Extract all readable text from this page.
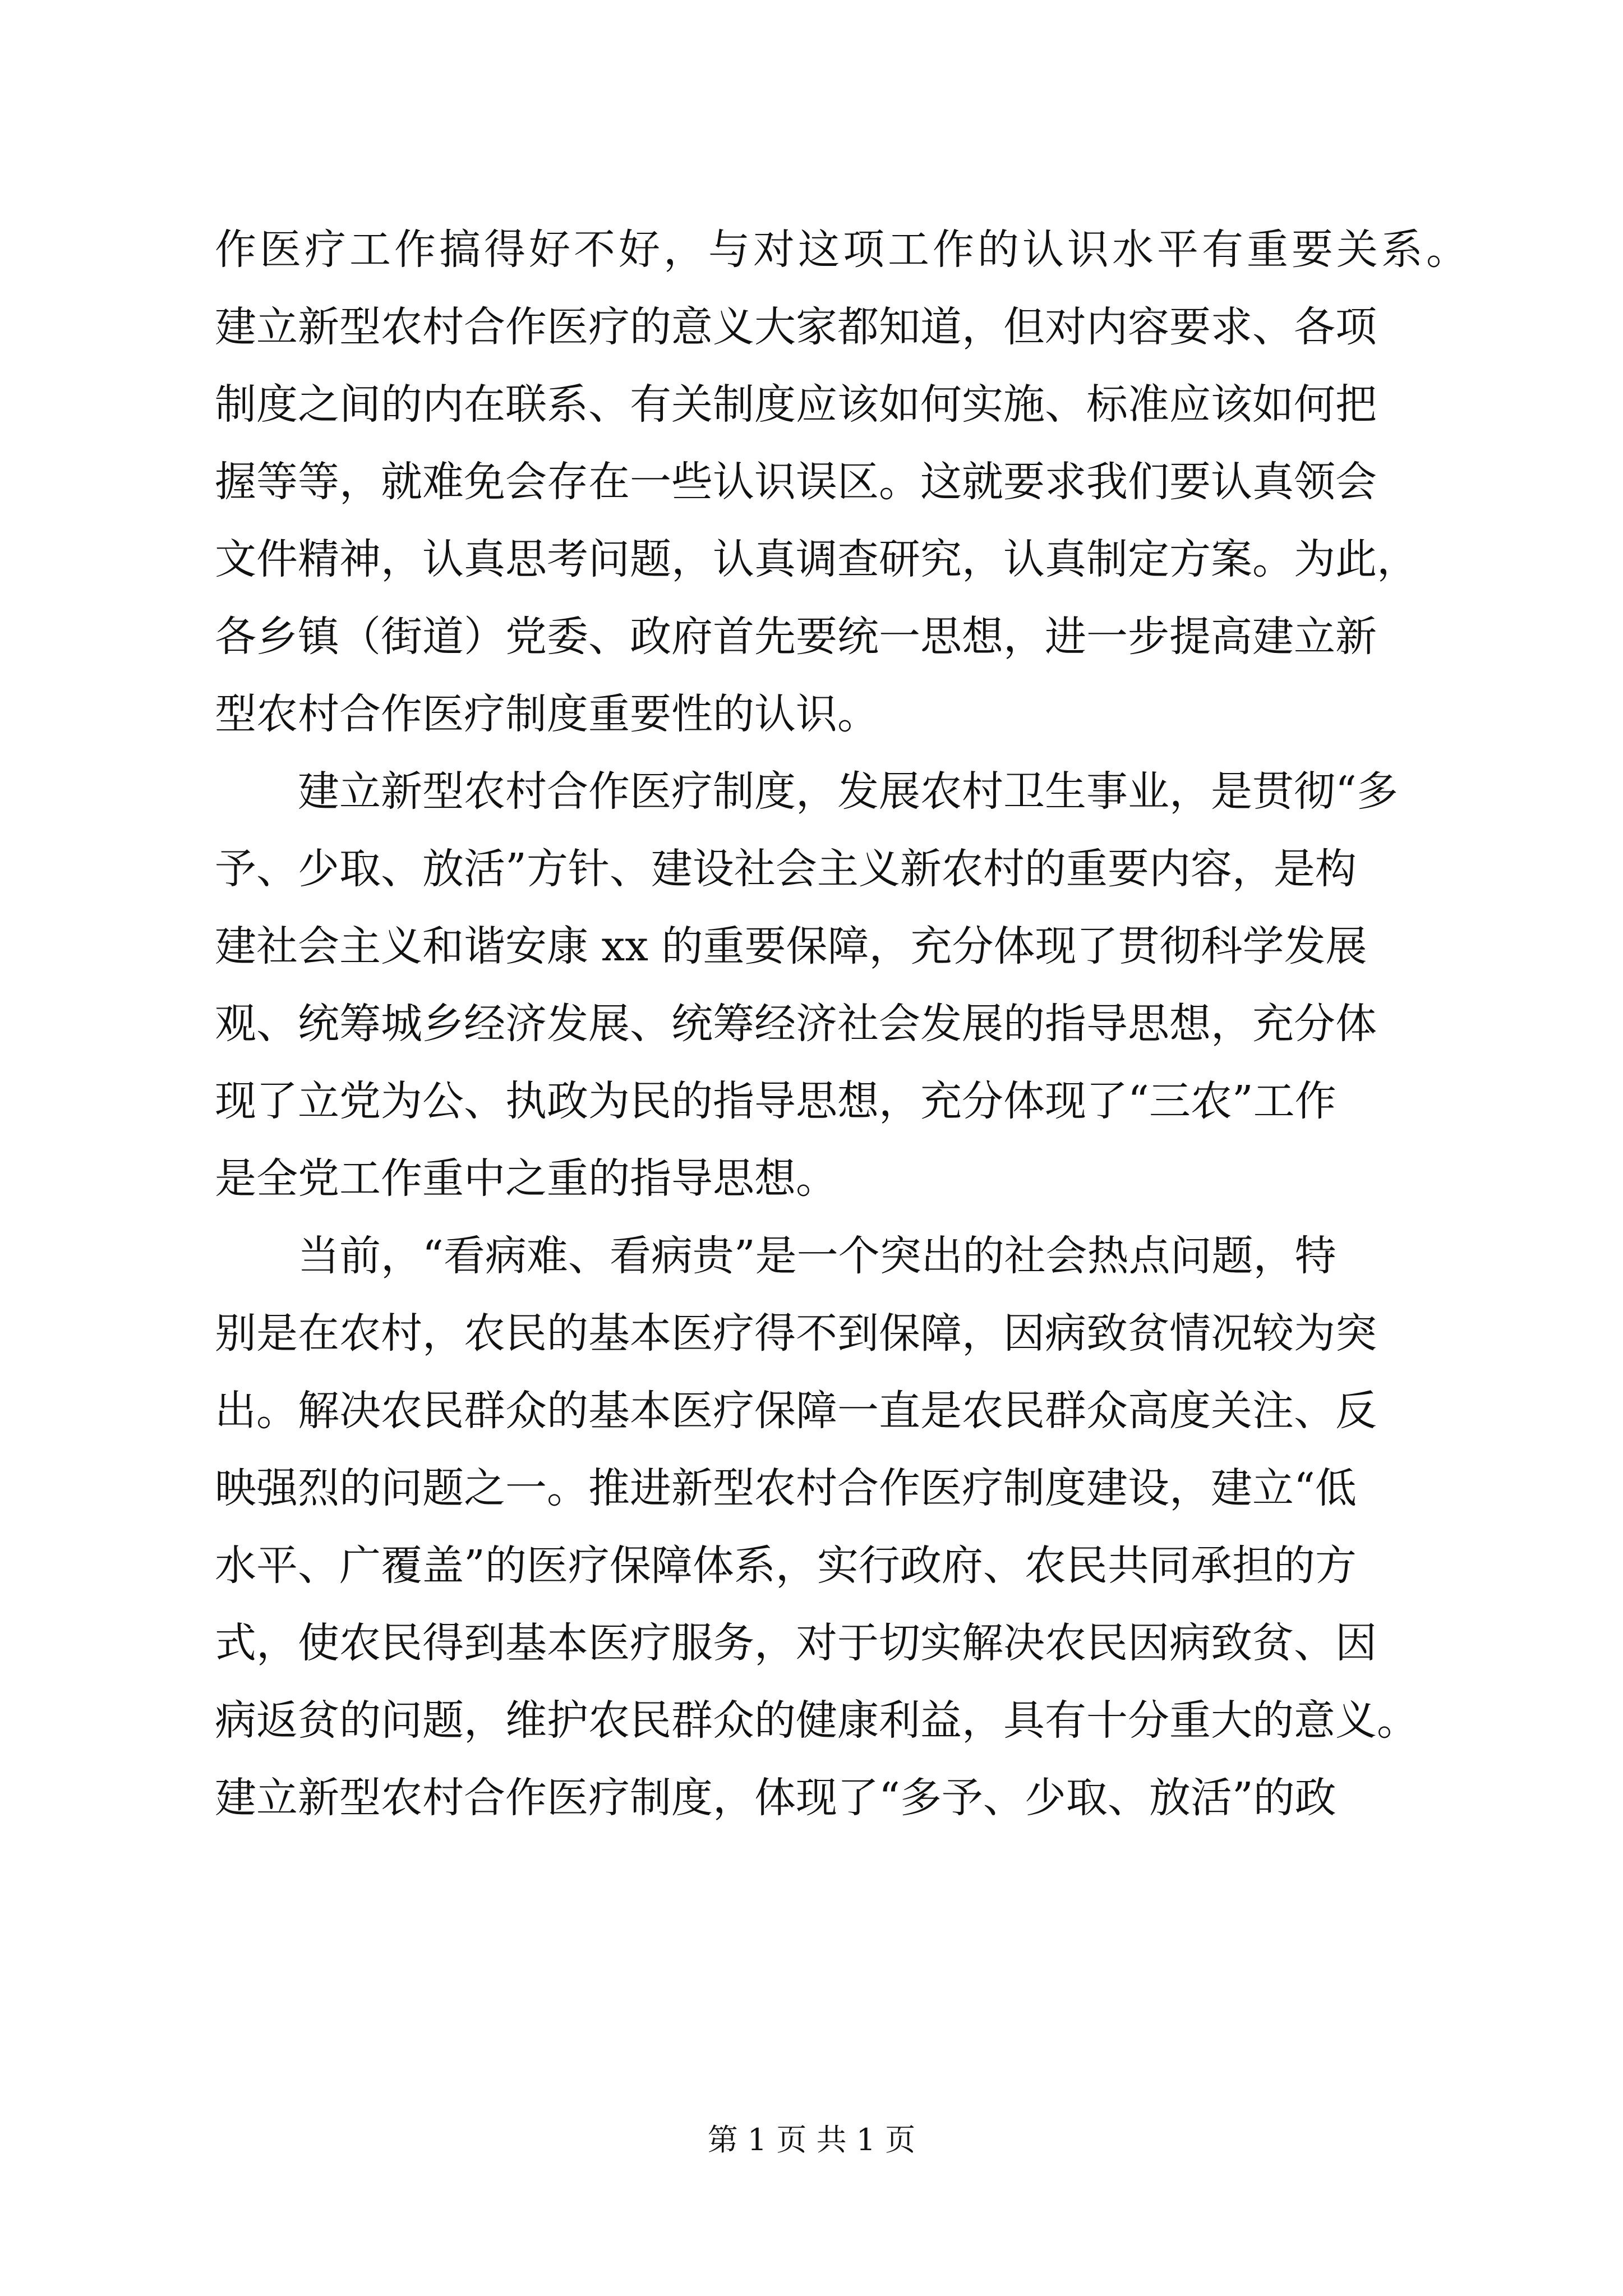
作医疗工作搞得好不好，与对这项工作的认识水平有重要关系。
建立新型农村合作医疗的意义大家都知道，但对内容要求、各项
制度之间的内在联系、有关制度应该如何实施、标准应该如何把
握等等，就难免会存在一些认识误区。这就要求我们要认真领会
文件精神，认真思考问题，认真调查研究，认真制定方案。为此，
各乡镇（街道）党委、政府首先要统一思想，进一步提高建立新
型农村合作医疗制度重要性的认识。
建立新型农村合作医疗制度，发展农村卫生事业，是贯彻“多
予、少取、放活”方针、建设社会主义新农村的重要内容，是构
建社会主义和谐安康 xx 的重要保障，充分体现了贯彻科学发展
观、统筹城乡经济发展、统筹经济社会发展的指导思想，充分体
现了立党为公、执政为民的指导思想，充分体现了“三农”工作
是全党工作重中之重的指导思想。
当前，“看病难、看病贵”是一个突出的社会热点问题，特
别是在农村，农民的基本医疗得不到保障，因病致贫情况较为突
出。解决农民群众的基本医疗保障一直是农民群众高度关注、反
映强烈的问题之一。推进新型农村合作医疗制度建设，建立“低
水平、广覆盖”的医疗保障体系，实行政府、农民共同承担的方
式，使农民得到基本医疗服务，对于切实解决农民因病致贫、因
病返贫的问题，维护农民群众的健康利益，具有十分重大的意义。
建立新型农村合作医疗制度，体现了“多予、少取、放活”的政
第 1 页 共 1 页
